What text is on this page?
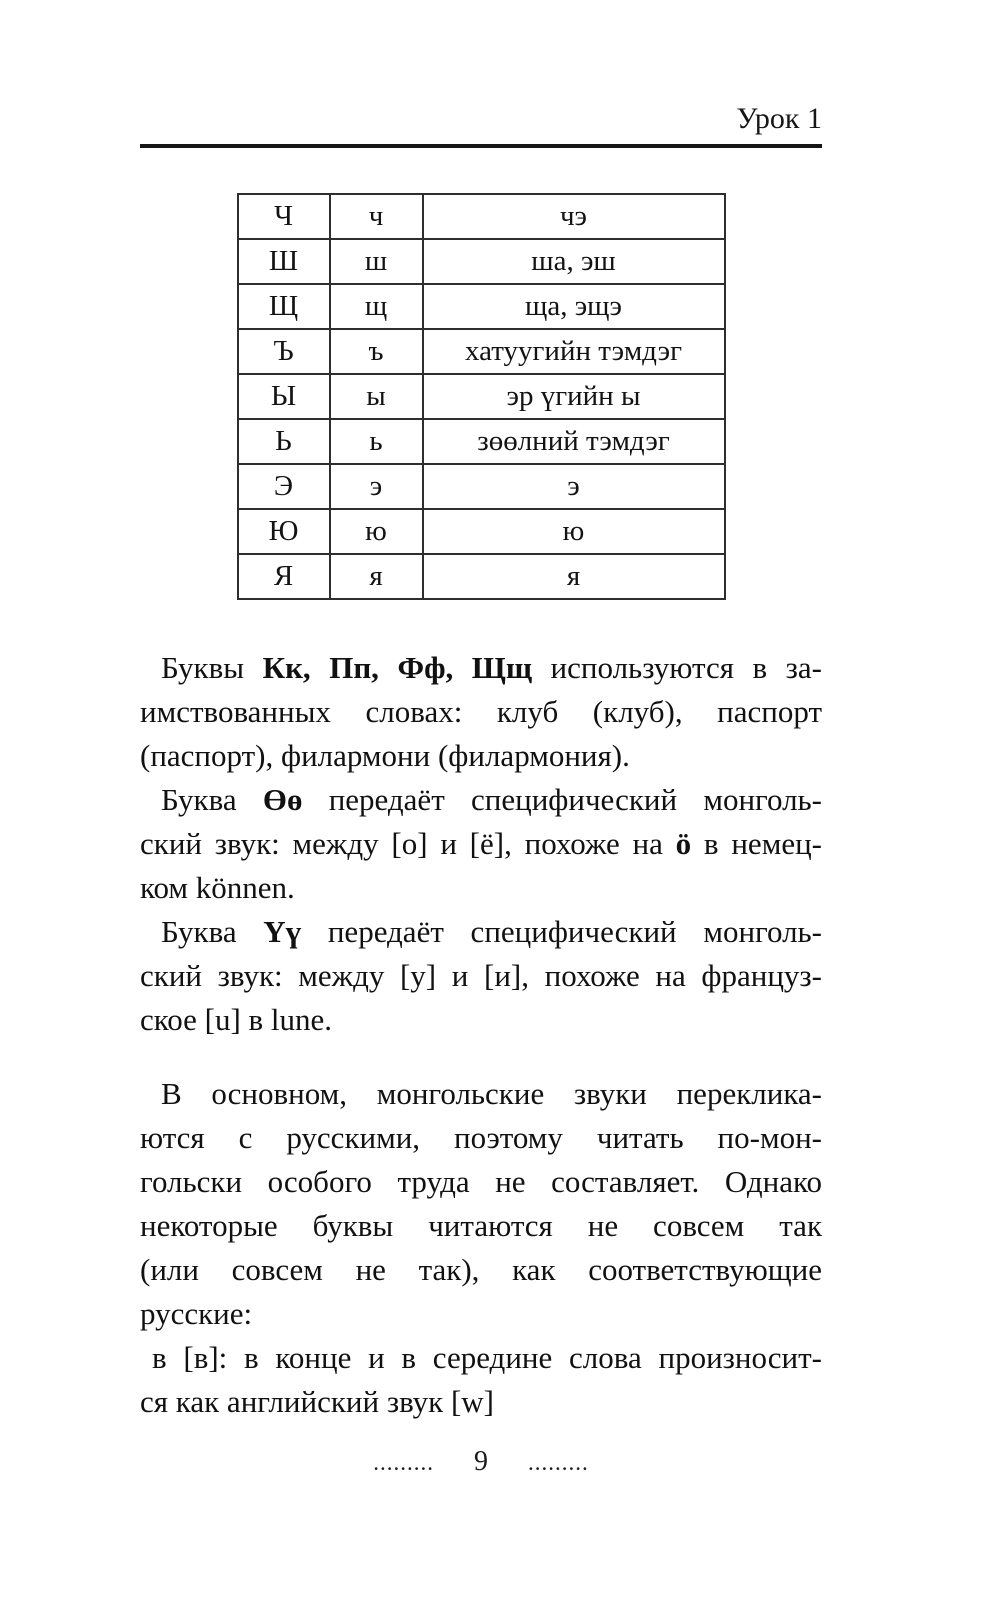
Урок 1
Ч	ч	чэ
Ш	ш	ша, эш
Щ	щ	ща, эщэ
Ъ	ъ	хатуугийн тэмдэг
Ы	ы	эр үгийн ы
Ь	ь	зөөлний тэмдэг
Э	э	э
Ю	ю	ю
Я	я	я
Буквы Кк, Пп, Фф, Щщ используются в за-
имствованных словах: клуб (клуб), паспорт
(паспорт), филармони (филармония).
Буква Өө передаёт специфический монголь-
ский звук: между [о] и [ё], похоже на ö в немец-
ком können.
Буква Үү передаёт специфический монголь-
ский звук: между [у] и [и], похоже на француз-
ское [u] в lune.
В основном, монгольские звуки переклика-
ются с русскими, поэтому читать по-мон-
гольски особого труда не составляет. Однако
некоторые буквы читаются не совсем так
(или совсем не так), как соответствующие
русские:
в [в]: в конце и в середине слова произносит-
ся как английский звук [w]
......... 9 .........
